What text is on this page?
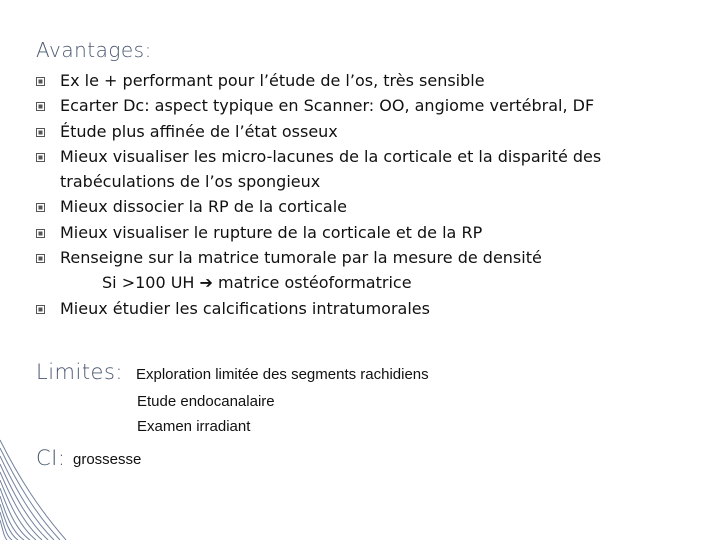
Avantages:
Ex le + performant pour l’étude de l’os, très sensible
Ecarter Dc: aspect typique en Scanner: OO, angiome vertébral, DF
Étude plus affinée de l’état osseux
Mieux visualiser les micro-lacunes de la corticale et la disparité des trabéculations de l’os spongieux
Mieux dissocier la RP de la corticale
Mieux visualiser le rupture de la corticale et de la RP
Renseigne sur la matrice tumorale par la mesure de densité
Si >100 UH ➔ matrice ostéoformatrice
Mieux étudier les calcifications intratumorales
Limites: Exploration limitée des segments rachidiens
Etude endocanalaire
Examen irradiant
CI: grossesse
